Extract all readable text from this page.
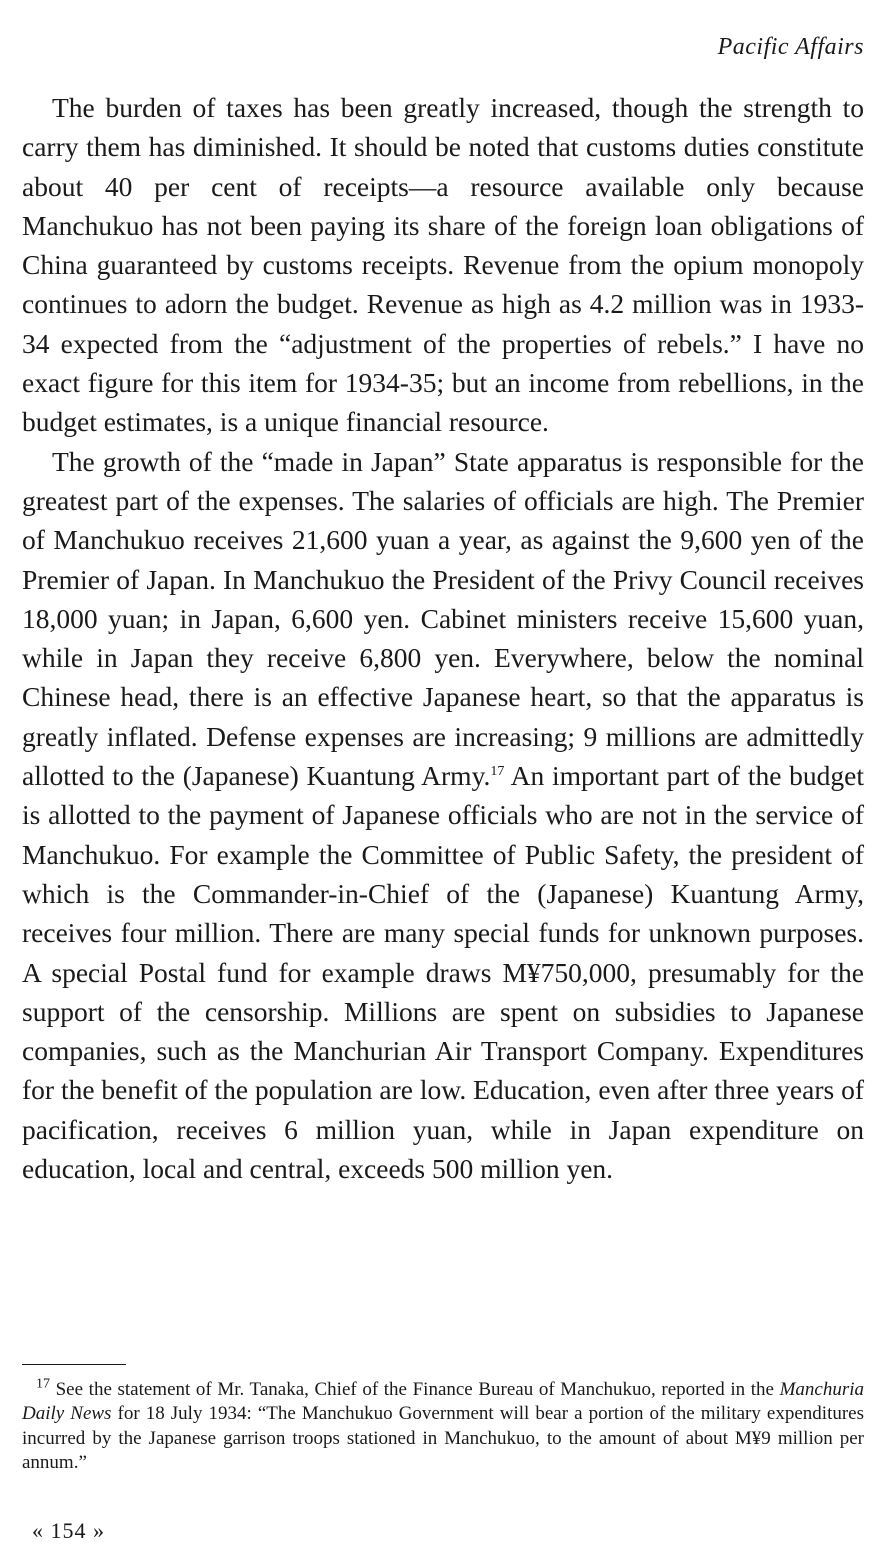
Pacific Affairs

The burden of taxes has been greatly increased, though the strength to carry them has diminished. It should be noted that customs duties constitute about 40 per cent of receipts—a resource available only because Manchukuo has not been paying its share of the foreign loan obligations of China guaranteed by customs receipts. Revenue from the opium monopoly continues to adorn the budget. Revenue as high as 4.2 million was in 1933-34 expected from the “adjustment of the properties of rebels.” I have no exact figure for this item for 1934-35; but an income from rebellions, in the budget estimates, is a unique financial resource.

The growth of the “made in Japan” State apparatus is responsible for the greatest part of the expenses. The salaries of officials are high. The Premier of Manchukuo receives 21,600 yuan a year, as against the 9,600 yen of the Premier of Japan. In Manchukuo the President of the Privy Council receives 18,000 yuan; in Japan, 6,600 yen. Cabinet ministers receive 15,600 yuan, while in Japan they receive 6,800 yen. Everywhere, below the nominal Chinese head, there is an effective Japanese heart, so that the apparatus is greatly inflated. Defense expenses are increasing; 9 millions are admittedly allotted to the (Japanese) Kuantung Army.$^{17}$ An important part of the budget is allotted to the payment of Japanese officials who are not in the service of Manchukuo. For example the Committee of Public Safety, the president of which is the Commander-in-Chief of the (Japanese) Kuantung Army, receives four million. There are many special funds for unknown purposes. A special Postal fund for example draws M¥750,000, presumably for the support of the censorship. Millions are spent on subsidies to Japanese companies, such as the Manchurian Air Transport Company. Expenditures for the benefit of the population are low. Education, even after three years of pacification, receives 6 million yuan, while in Japan expenditure on education, local and central, exceeds 500 million yen.

$^{17}$ See the statement of Mr. Tanaka, Chief of the Finance Bureau of Manchukuo, reported in the Manchuria Daily News for 18 July 1934: “The Manchukuo Government will bear a portion of the military expenditures incurred by the Japanese garrison troops stationed in Manchukuo, to the amount of about M¥9 million per annum.”
« 154 »
